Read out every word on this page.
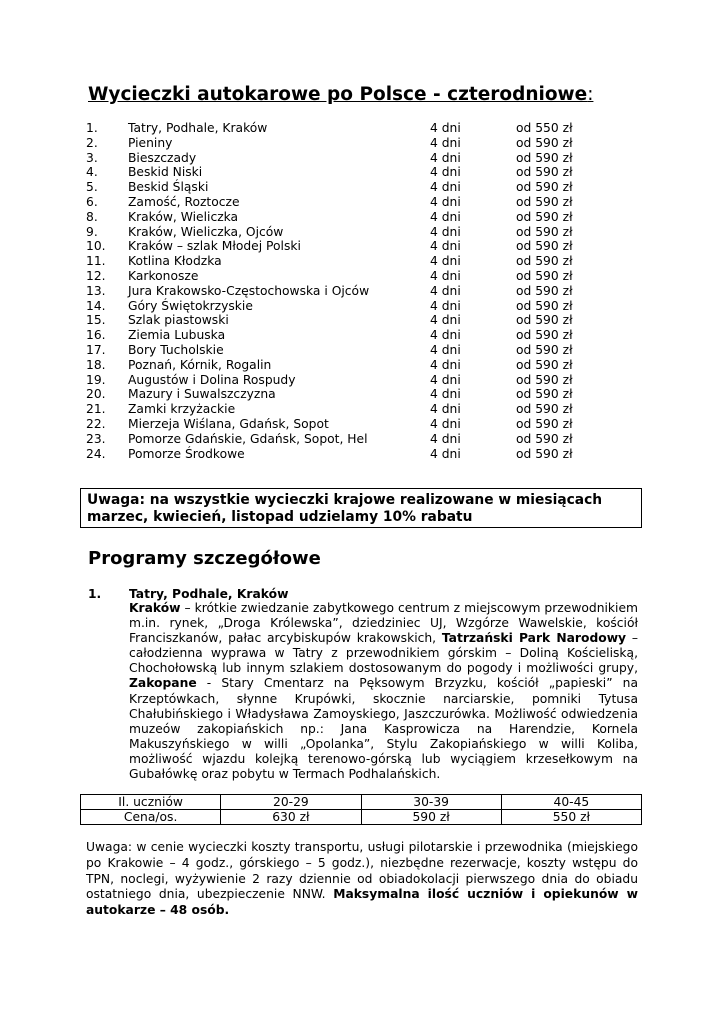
Wycieczki autokarowe po Polsce - czterodniowe:
1. Tatry, Podhale, Kraków	4 dni	od 550 zł
2. Pieniny	4 dni	od 590 zł
3. Bieszczady	4 dni	od 590 zł
4. Beskid Niski	4 dni	od 590 zł
5. Beskid Śląski	4 dni	od 590 zł
6. Zamość, Roztocze	4 dni	od 590 zł
8. Kraków, Wieliczka	4 dni	od 590 zł
9. Kraków, Wieliczka, Ojców	4 dni	od 590 zł
10. Kraków – szlak Młodej Polski	4 dni	od 590 zł
11. Kotlina Kłodzka	4 dni	od 590 zł
12. Karkonosze	4 dni	od 590 zł
13. Jura Krakowsko-Częstochowska i Ojców	4 dni	od 590 zł
14. Góry Świętokrzyskie	4 dni	od 590 zł
15. Szlak piastowski	4 dni	od 590 zł
16. Ziemia Lubuska	4 dni	od 590 zł
17. Bory Tucholskie	4 dni	od 590 zł
18. Poznań, Kórnik, Rogalin	4 dni	od 590 zł
19. Augustów i Dolina Rospudy	4 dni	od 590 zł
20. Mazury i Suwalszczyzna	4 dni	od 590 zł
21. Zamki krzyżackie	4 dni	od 590 zł
22. Mierzeja Wiślana, Gdańsk, Sopot	4 dni	od 590 zł
23. Pomorze Gdańskie, Gdańsk, Sopot, Hel	4 dni	od 590 zł
24. Pomorze Środkowe	4 dni	od 590 zł
Uwaga: na wszystkie wycieczki krajowe realizowane w miesiącach marzec, kwiecień, listopad udzielamy 10% rabatu
Programy szczegółowe
1. Tatry, Podhale, Kraków
Kraków – krótkie zwiedzanie zabytkowego centrum z miejscowym przewodnikiem m.in. rynek, „Droga Królewska”, dziedziniec UJ, Wzgórze Wawelskie, kościół Franciszkanów, pałac arcybiskupów krakowskich, Tatrzański Park Narodowy – całodzienna wyprawa w Tatry z przewodnikiem górskim – Doliną Kościeliską, Chochołowską lub innym szlakiem dostosowanym do pogody i możliwości grupy, Zakopane - Stary Cmentarz na Pęksowym Brzyzku, kościół „papieski” na Krzeptówkach, słynne Krupówki, skocznie narciarskie, pomniki Tytusa Chałubińskiego i Władysława Zamoyskiego, Jaszczurówka. Możliwość odwiedzenia muzeów zakopiańskich np.: Jana Kasprowicza na Harendzie, Kornela Makuszyńskiego w willi „Opolanka”, Stylu Zakopiańskiego w willi Koliba, możliwość wjazdu kolejką terenowo-górską lub wyciągiem krzesełkowym na Gubałówkę oraz pobytu w Termach Podhalańskich.
Il. uczniów	20-29	30-39	40-45
Cena/os.	630 zł	590 zł	550 zł
Uwaga: w cenie wycieczki koszty transportu, usługi pilotarskie i przewodnika (miejskiego po Krakowie – 4 godz., górskiego – 5 godz.), niezbędne rezerwacje, koszty wstępu do TPN, noclegi, wyżywienie 2 razy dziennie od obiadokolacji pierwszego dnia do obiadu ostatniego dnia, ubezpieczenie NNW. Maksymalna ilość uczniów i opiekunów w autokarze – 48 osób.
